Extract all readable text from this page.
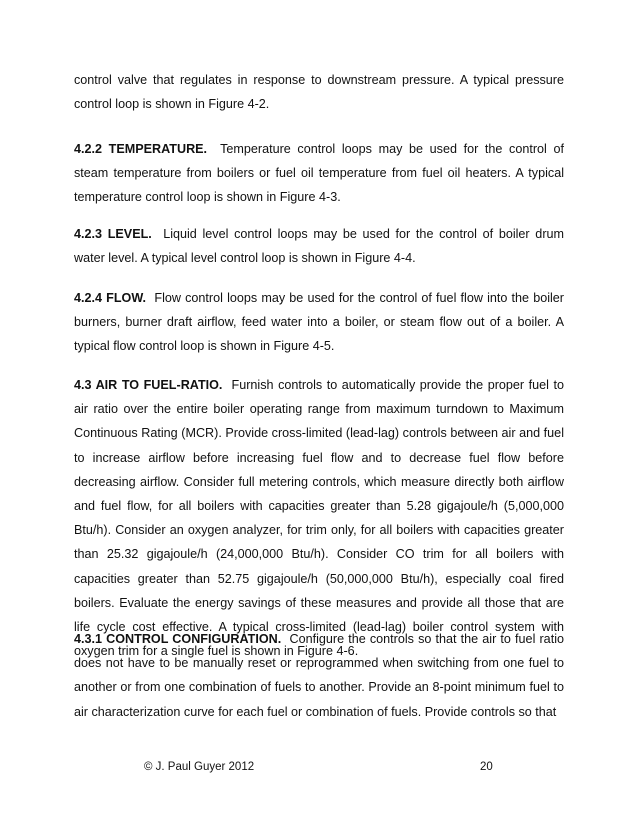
control valve that regulates in response to downstream pressure. A typical pressure control loop is shown in Figure 4-2.

4.2.2 TEMPERATURE. Temperature control loops may be used for the control of steam temperature from boilers or fuel oil temperature from fuel oil heaters. A typical temperature control loop is shown in Figure 4-3.

4.2.3 LEVEL. Liquid level control loops may be used for the control of boiler drum water level. A typical level control loop is shown in Figure 4-4.

4.2.4 FLOW. Flow control loops may be used for the control of fuel flow into the boiler burners, burner draft airflow, feed water into a boiler, or steam flow out of a boiler. A typical flow control loop is shown in Figure 4-5.

4.3 AIR TO FUEL-RATIO. Furnish controls to automatically provide the proper fuel to air ratio over the entire boiler operating range from maximum turndown to Maximum Continuous Rating (MCR). Provide cross-limited (lead-lag) controls between air and fuel to increase airflow before increasing fuel flow and to decrease fuel flow before decreasing airflow. Consider full metering controls, which measure directly both airflow and fuel flow, for all boilers with capacities greater than 5.28 gigajoule/h (5,000,000 Btu/h). Consider an oxygen analyzer, for trim only, for all boilers with capacities greater than 25.32 gigajoule/h (24,000,000 Btu/h). Consider CO trim for all boilers with capacities greater than 52.75 gigajoule/h (50,000,000 Btu/h), especially coal fired boilers. Evaluate the energy savings of these measures and provide all those that are life cycle cost effective. A typical cross-limited (lead-lag) boiler control system with oxygen trim for a single fuel is shown in Figure 4-6.

4.3.1 CONTROL CONFIGURATION. Configure the controls so that the air to fuel ratio does not have to be manually reset or reprogrammed when switching from one fuel to another or from one combination of fuels to another. Provide an 8-point minimum fuel to air characterization curve for each fuel or combination of fuels. Provide controls so that

© J. Paul Guyer 2012	20
